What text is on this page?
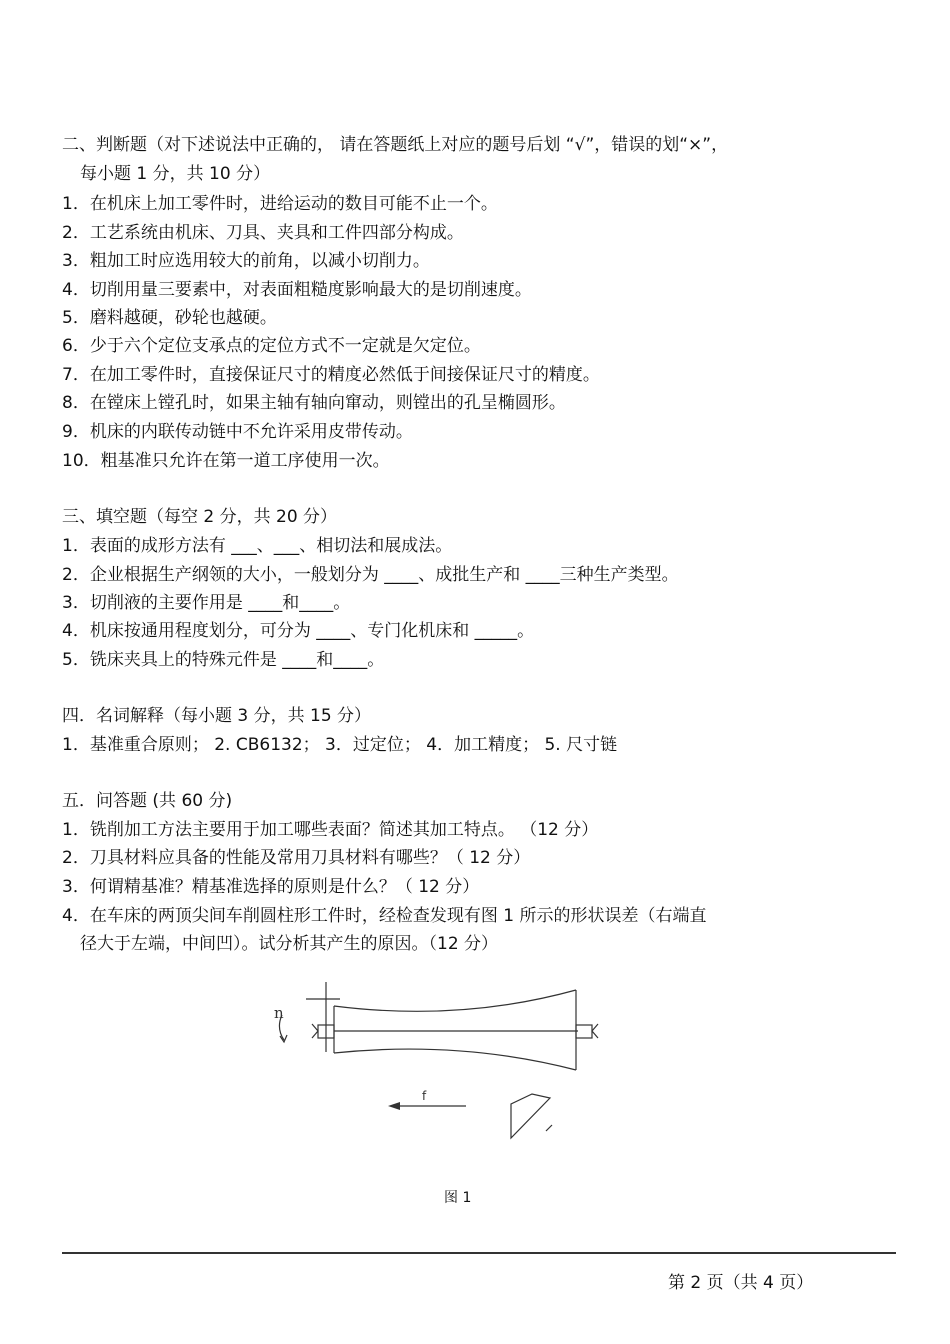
二、判断题（对下述说法中正确的， 请在答题纸上对应的题号后划 “√”，错误的划“×”，
每小题 1 分，共 10 分）
1．在机床上加工零件时，进给运动的数目可能不止一个。
2．工艺系统由机床、刀具、夹具和工件四部分构成。
3．粗加工时应选用较大的前角，以减小切削力。
4．切削用量三要素中，对表面粗糙度影响最大的是切削速度。
5．磨料越硬，砂轮也越硬。
6．少于六个定位支承点的定位方式不一定就是欠定位。
7．在加工零件时，直接保证尺寸的精度必然低于间接保证尺寸的精度。
8．在镗床上镗孔时，如果主轴有轴向窜动，则镗出的孔呈椭圆形。
9．机床的内联传动链中不允许采用皮带传动。
10．粗基准只允许在第一道工序使用一次。
三、填空题（每空 2 分，共 20 分）
1．表面的成形方法有 ___、___、相切法和展成法。
2．企业根据生产纲领的大小，一般划分为 ____、成批生产和 ____三种生产类型。
3．切削液的主要作用是 ____和____。
4．机床按通用程度划分，可分为 ____、专门化机床和 _____。
5．铣床夹具上的特殊元件是 ____和____。
四．名词解释（每小题 3 分，共 15 分）
1．基准重合原则； 2. CB6132； 3．过定位； 4．加工精度； 5. 尺寸链
五．问答题 (共 60 分)
1．铣削加工方法主要用于加工哪些表面？简述其加工特点。 （12 分）
2．刀具材料应具备的性能及常用刀具材料有哪些？（ 12 分）
3．何谓精基准？精基准选择的原则是什么？（ 12 分）
4．在车床的两顶尖间车削圆柱形工件时，经检查发现有图 1 所示的形状误差（右端直
径大于左端，中间凹）。试分析其产生的原因。（12 分）
n
f
图 1
第 2 页（共 4 页）
